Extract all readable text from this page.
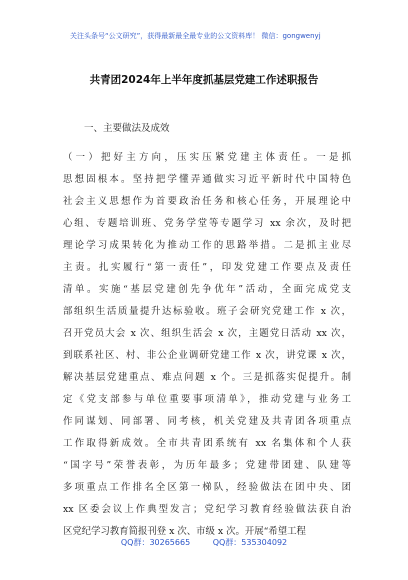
关注头条号“公文研究”，获得最新最全最专业的公文资料库！ 微信：gongwenyj
共青团2024年上半年度抓基层党建工作述职报告
一、主要做法及成效
（一）把好主方向，压实压紧党建主体责任。一是抓
思想固根本。坚持把学懂弄通做实习近平新时代中国特色
社会主义思想作为首要政治任务和核心任务，开展理论中
心组、专题培训班、党务学堂等专题学习 xx 余次，及时把
理论学习成果转化为推动工作的思路举措。二是抓主业尽
主责。扎实履行“第一责任”，印发党建工作要点及责任
清单。实施“基层党建创先争优年”活动，全面完成党支
部组织生活质量提升达标验收。班子会研究党建工作 x 次，
召开党员大会 x 次、组织生活会 x 次，主题党日活动 xx 次，
到联系社区、村、非公企业调研党建工作 x 次，讲党课 x 次，
解决基层党建重点、难点问题 x 个。三是抓落实促提升。制
定《党支部参与单位重要事项清单》，推动党建与业务工
作同谋划、同部署、同考核，机关党建及共青团各项重点
工作取得新成效。全市共青团系统有 xx 名集体和个人获
“国字号”荣誉表彰，为历年最多；党建带团建、队建等
多项重点工作排名全区第一梯队，经验做法在团中央、团
xx 区委会议上作典型发言；党纪学习教育经验做法获自治
区党纪学习教育简报刊登 x 次、市级 x 次。开展“希望工程
QQ群：30265665	QQ群：535304092
